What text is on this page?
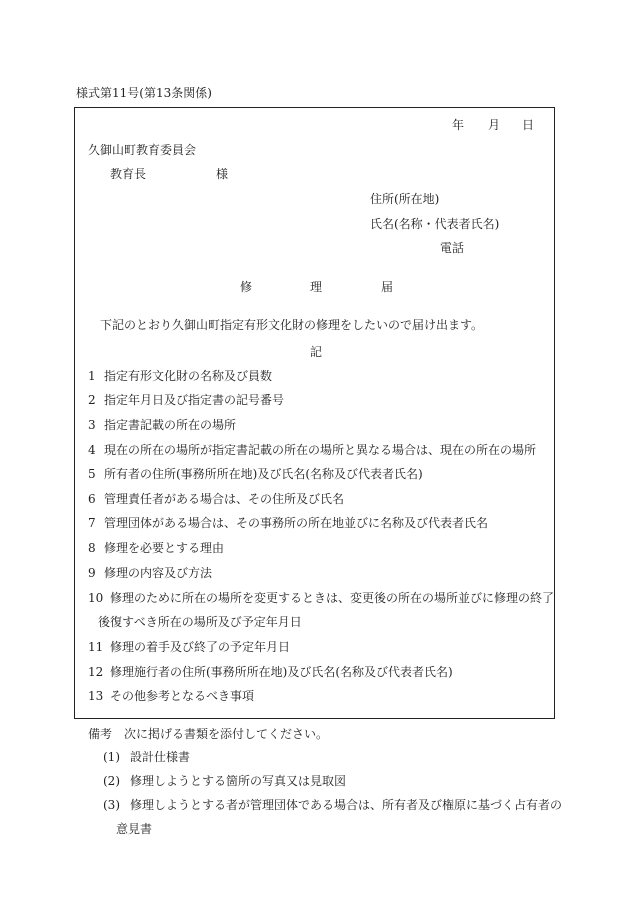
様式第11号(第13条関係)
年 月 日
久御山町教育委員会
教育長	様
住所(所在地)
氏名(名称・代表者氏名)
電話
修	理	届
下記のとおり久御山町指定有形文化財の修理をしたいので届け出ます。
記
1 指定有形文化財の名称及び員数
2 指定年月日及び指定書の記号番号
3 指定書記載の所在の場所
4 現在の所在の場所が指定書記載の所在の場所と異なる場合は、現在の所在の場所
5 所有者の住所(事務所所在地)及び氏名(名称及び代表者氏名)
6 管理責任者がある場合は、その住所及び氏名
7 管理団体がある場合は、その事務所の所在地並びに名称及び代表者氏名
8 修理を必要とする理由
9 修理の内容及び方法
10 修理のために所在の場所を変更するときは、変更後の所在の場所並びに修理の終了
後復すべき所在の場所及び予定年月日
11 修理の着手及び終了の予定年月日
12 修理施行者の住所(事務所所在地)及び氏名(名称及び代表者氏名)
13 その他参考となるべき事項
備考 次に掲げる書類を添付してください。
(1) 設計仕様書
(2) 修理しようとする箇所の写真又は見取図
(3) 修理しようとする者が管理団体である場合は、所有者及び権原に基づく占有者の
意見書
